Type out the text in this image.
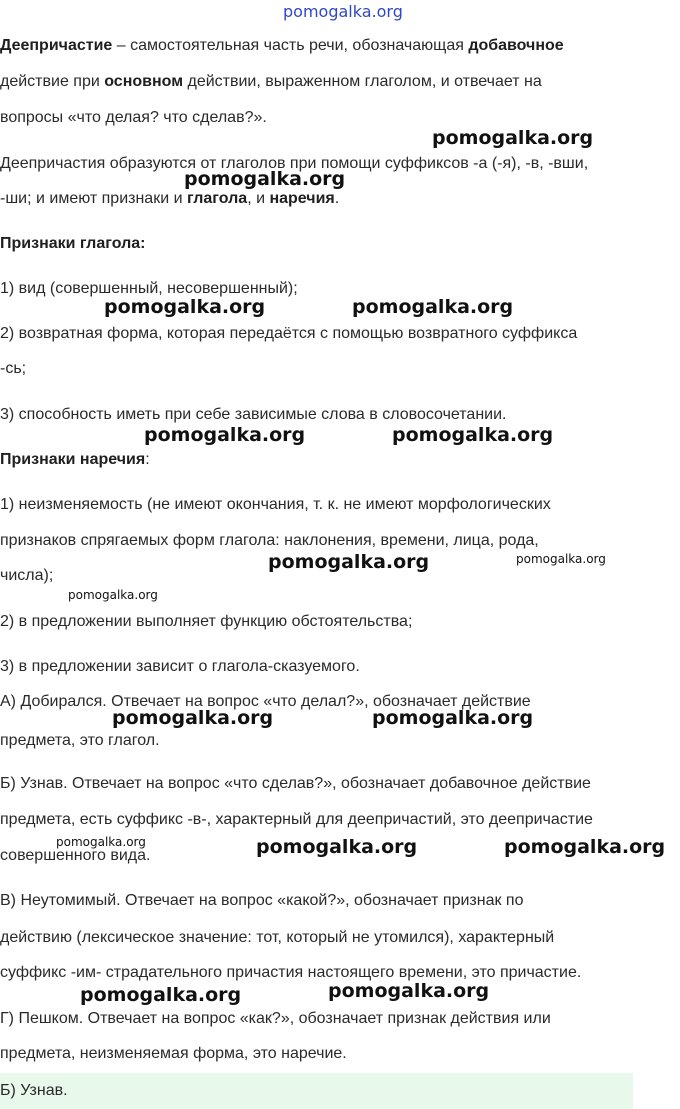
pomogalka.org
Деепричастие – самостоятельная часть речи, обозначающая добавочное
действие при основном действии, выраженном глаголом, и отвечает на
вопросы «что делая? что сделав?».
Деепричастия образуются от глаголов при помощи суффиксов -а (-я), -в, -вши,
-ши; и имеют признаки и глагола, и наречия.
Признаки глагола:
1) вид (совершенный, несовершенный);
2) возвратная форма, которая передаётся с помощью возвратного суффикса
-сь;
3) способность иметь при себе зависимые слова в словосочетании.
Признаки наречия:
1) неизменяемость (не имеют окончания, т. к. не имеют морфологических
признаков спрягаемых форм глагола: наклонения, времени, лица, рода,
числа);
2) в предложении выполняет функцию обстоятельства;
3) в предложении зависит о глагола-сказуемого.
А) Добирался. Отвечает на вопрос «что делал?», обозначает действие
предмета, это глагол.
Б) Узнав. Отвечает на вопрос «что сделав?», обозначает добавочное действие
предмета, есть суффикс -в-, характерный для деепричастий, это деепричастие
совершенного вида.
В) Неутомимый. Отвечает на вопрос «какой?», обозначает признак по
действию (лексическое значение: тот, который не утомился), характерный
суффикс -им- страдательного причастия настоящего времени, это причастие.
Г) Пешком. Отвечает на вопрос «как?», обозначает признак действия или
предмета, неизменяемая форма, это наречие.
Б) Узнав.
pomogalka.org
pomogalka.org
pomogalka.org	pomogalka.org
pomogalka.org	pomogalka.org
pomogalka.org	pomogalka.org
pomogalka.org
pomogalka.org	pomogalka.org
pomogalka.org	pomogalka.org	pomogalka.org
pomogalka.org	pomogalka.org
